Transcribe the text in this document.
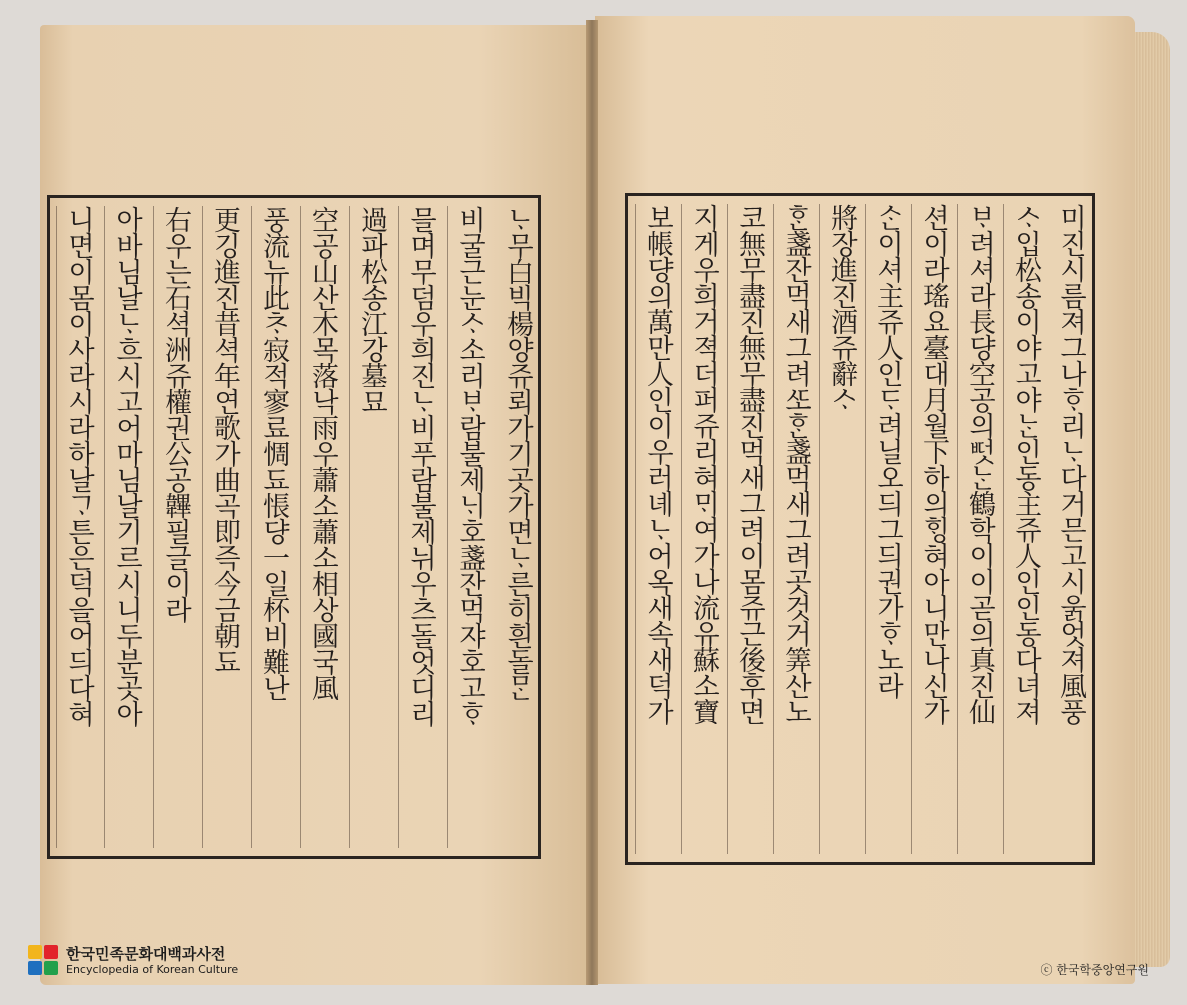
ᄂᆞ무白빅楊양쥬뢰가기곳가면ᄂᆞ른히흰돌ᄆᆞᆫ
비굴근눈ᄉᆞ소리ᄇᆞ람불제ᄂᆡ호盞잔먹쟈호고ᄒᆞ
믈며무덤우희진ᄂᆞ비푸람불제뉘우츠돌엇디리
過파松송江강墓묘
空공山산木목落낙雨우蕭소蕭소相상國국風
풍流뉴此ᄎᆞ寂적寥료惆됴悵댱一일杯비難난
更깅進진昔셕年연歌가曲곡即즉今금朝됴
右우는石셕洲쥬權권公공韠필글이라
아바님날ᄂᆞ흐시고어마님날기르시니두분곳아
니면이몸이사라시라하날ᄀᆞ튼은덕을어듸다혀	미진시름져그나ᄒᆞ리ᄂᆞ다거믄고시욹엇져風풍
ᄉᆞ입松송이야고야ᄂᆞᆫ인동主쥬人인인동다녀져
ᄇᆞ려셔라長댱空공의ᄠᅥᆺᄂᆞᆫ鶴학이이곧의真진仙
션이라瑤요臺대月월下하의ᄒᆡᆼ혀아니만나신가
ᄉᆞᆫ이셔主쥬人인ᄃᆞ려닐오듸그듸권가ᄒᆞ노라
將장進진酒쥬辭ᄉᆞ
ᄒᆞᆫ盞잔먹새그려ᄯᅩᄒᆞᆫ盞먹새그려곳것거筭산노
코無무盡진無무盡진먹새그려이몸쥬근後후면
지게우희거젹더퍼쥬리혀ᄆᆡ여가나流유蘇소寶
보帳댱의萬만人인이우러녜ᄂᆞ어옥새속새덕가
한국민족문화대백과사전
Encyclopedia of Korean Culture	ⓒ 한국학중앙연구원
